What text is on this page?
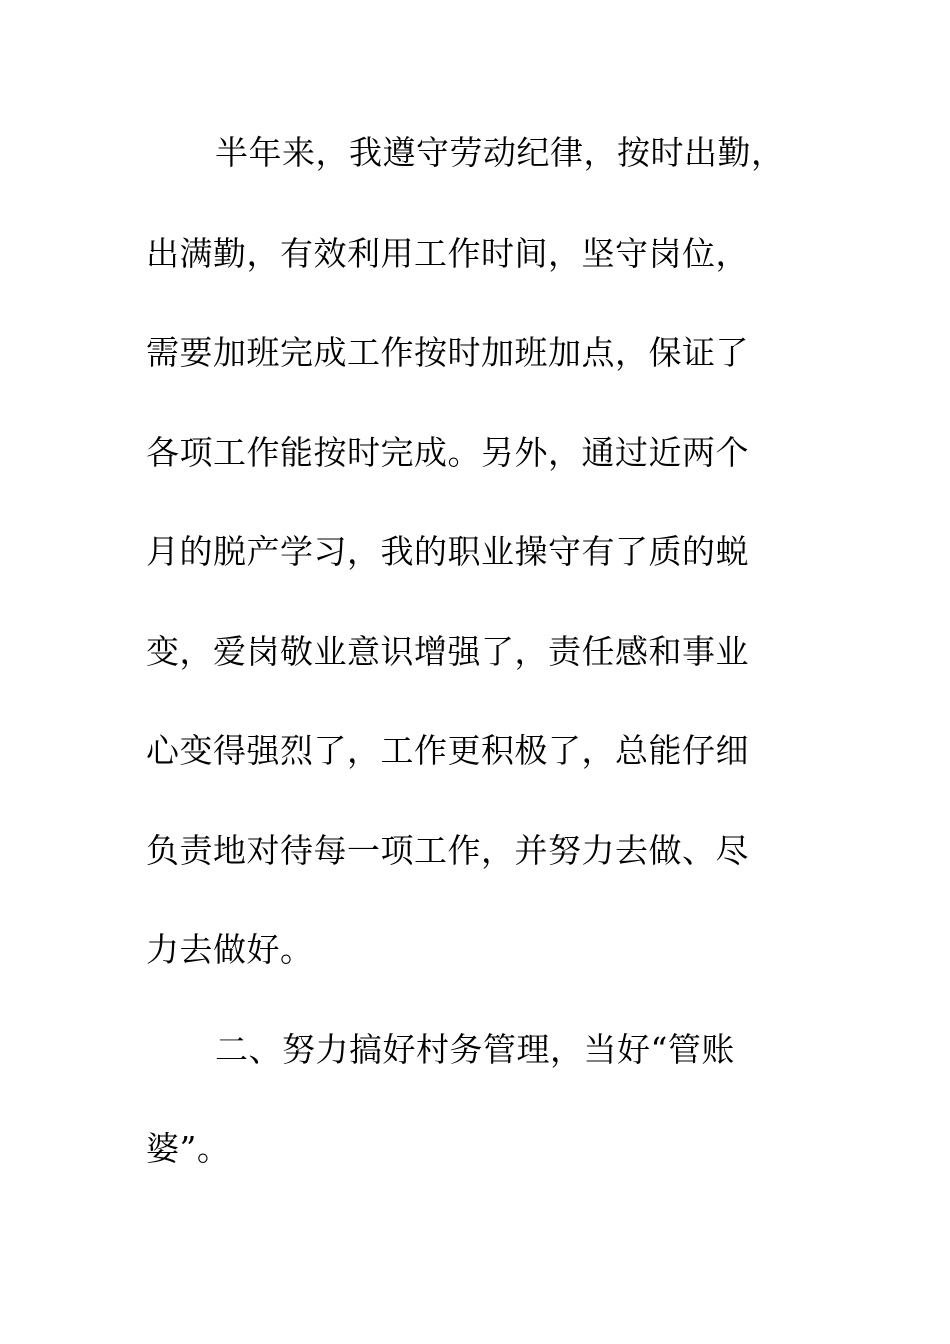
半年来，我遵守劳动纪律，按时出勤，
出满勤，有效利用工作时间，坚守岗位，
需要加班完成工作按时加班加点，保证了
各项工作能按时完成。另外，通过近两个
月的脱产学习，我的职业操守有了质的蜕
变，爱岗敬业意识增强了，责任感和事业
心变得强烈了，工作更积极了，总能仔细
负责地对待每一项工作，并努力去做、尽
力去做好。
二、努力搞好村务管理，当好“管账
婆”。
